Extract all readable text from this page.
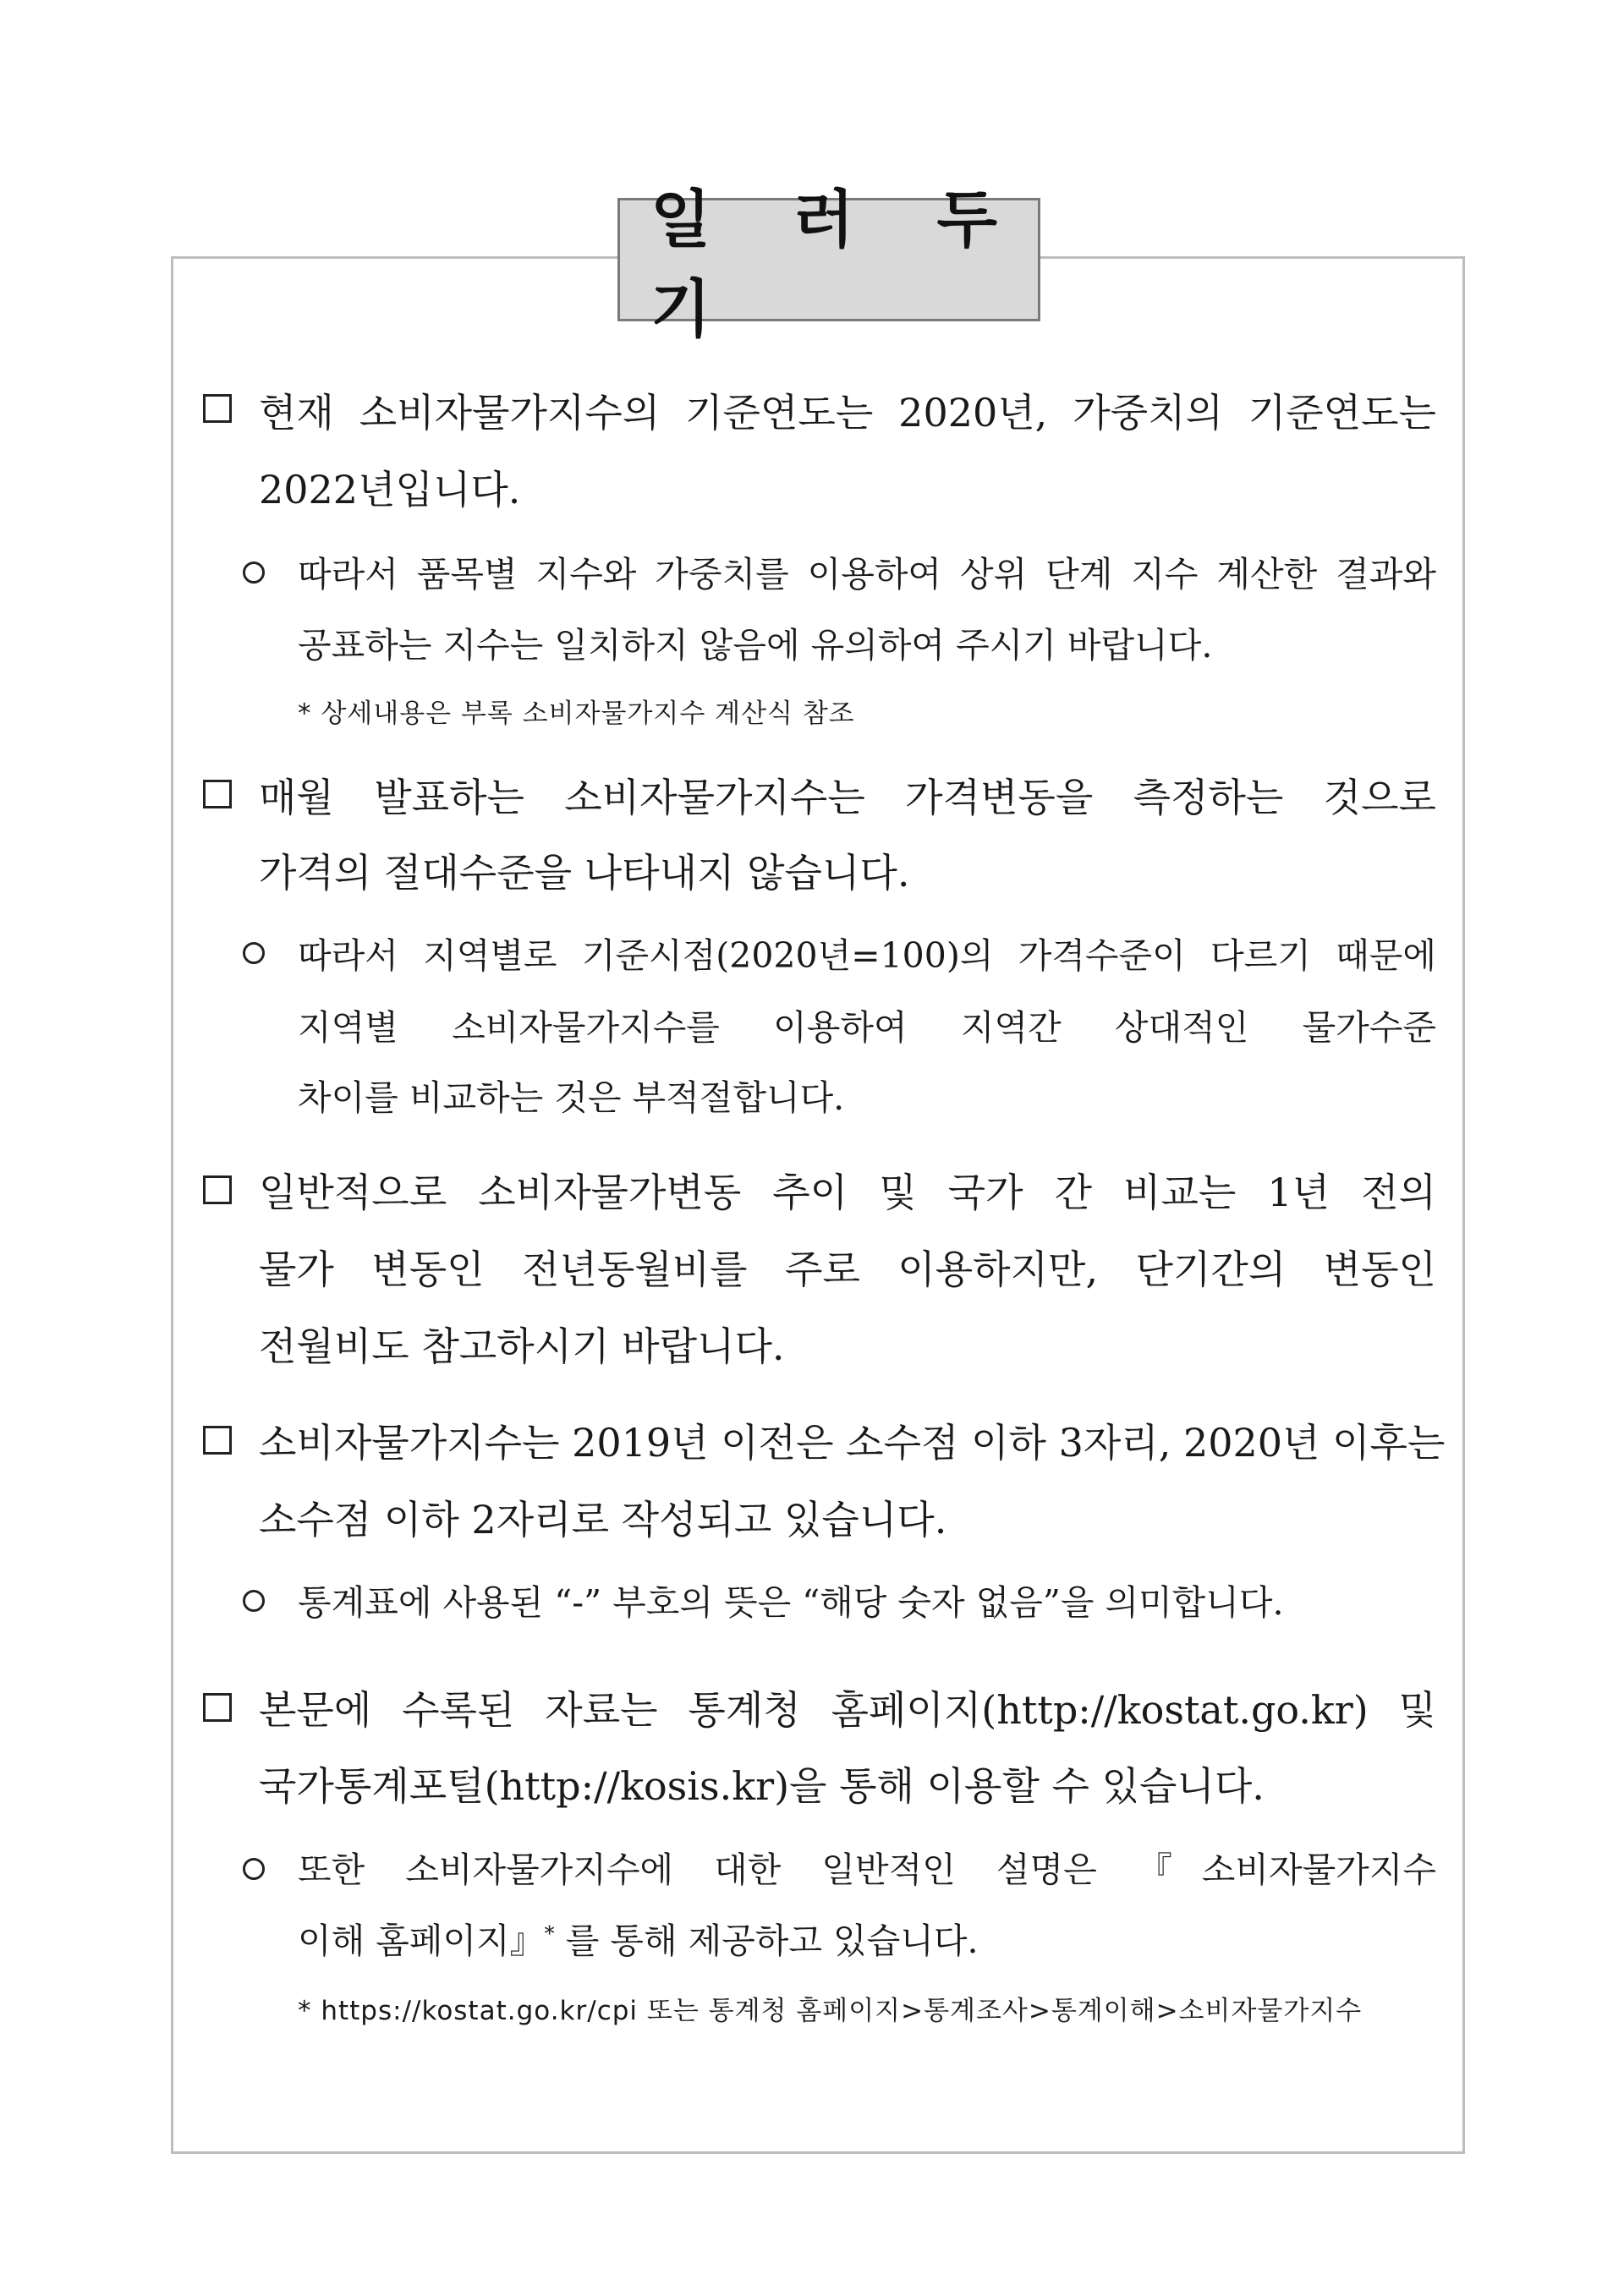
일 러 두 기
현재 소비자물가지수의 기준연도는 2020년, 가중치의 기준연도는
2022년입니다.
따라서 품목별 지수와 가중치를 이용하여 상위 단계 지수 계산한 결과와
공표하는 지수는 일치하지 않음에 유의하여 주시기 바랍니다.
* 상세내용은 부록 소비자물가지수 계산식 참조
매월 발표하는 소비자물가지수는 가격변동을 측정하는 것으로
가격의 절대수준을 나타내지 않습니다.
따라서 지역별로 기준시점(2020년=100)의 가격수준이 다르기 때문에
지역별 소비자물가지수를 이용하여 지역간 상대적인 물가수준
차이를 비교하는 것은 부적절합니다.
일반적으로 소비자물가변동 추이 및 국가 간 비교는 1년 전의
물가 변동인 전년동월비를 주로 이용하지만, 단기간의 변동인
전월비도 참고하시기 바랍니다.
소비자물가지수는 2019년 이전은 소수점 이하 3자리, 2020년 이후는
소수점 이하 2자리로 작성되고 있습니다.
통계표에 사용된 “-” 부호의 뜻은 “해당 숫자 없음”을 의미합니다.
본문에 수록된 자료는 통계청 홈페이지(http://kostat.go.kr) 및
국가통계포털(http://kosis.kr)을 통해 이용할 수 있습니다.
또한 소비자물가지수에 대한 일반적인 설명은 『소비자물가지수
이해 홈페이지』* 를 통해 제공하고 있습니다.
* https://kostat.go.kr/cpi 또는 통계청 홈페이지>통계조사>통계이해>소비자물가지수
